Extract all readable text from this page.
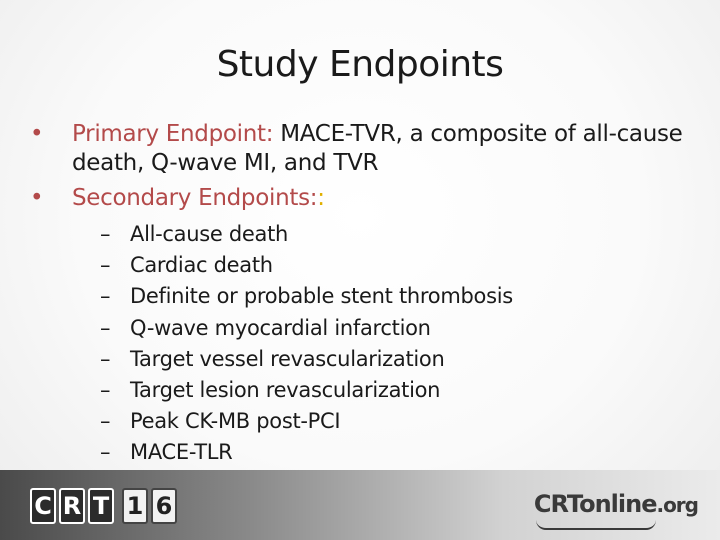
Study Endpoints
•	Primary Endpoint: MACE-TVR, a composite of all-cause death, Q-wave MI, and TVR
•	Secondary Endpoints::
– All-cause death
– Cardiac death
– Definite or probable stent thrombosis
– Q-wave myocardial infarction
– Target vessel revascularization
– Target lesion revascularization
– Peak CK-MB post-PCI
– MACE-TLR
C R T 1 6	CRTonline.org
